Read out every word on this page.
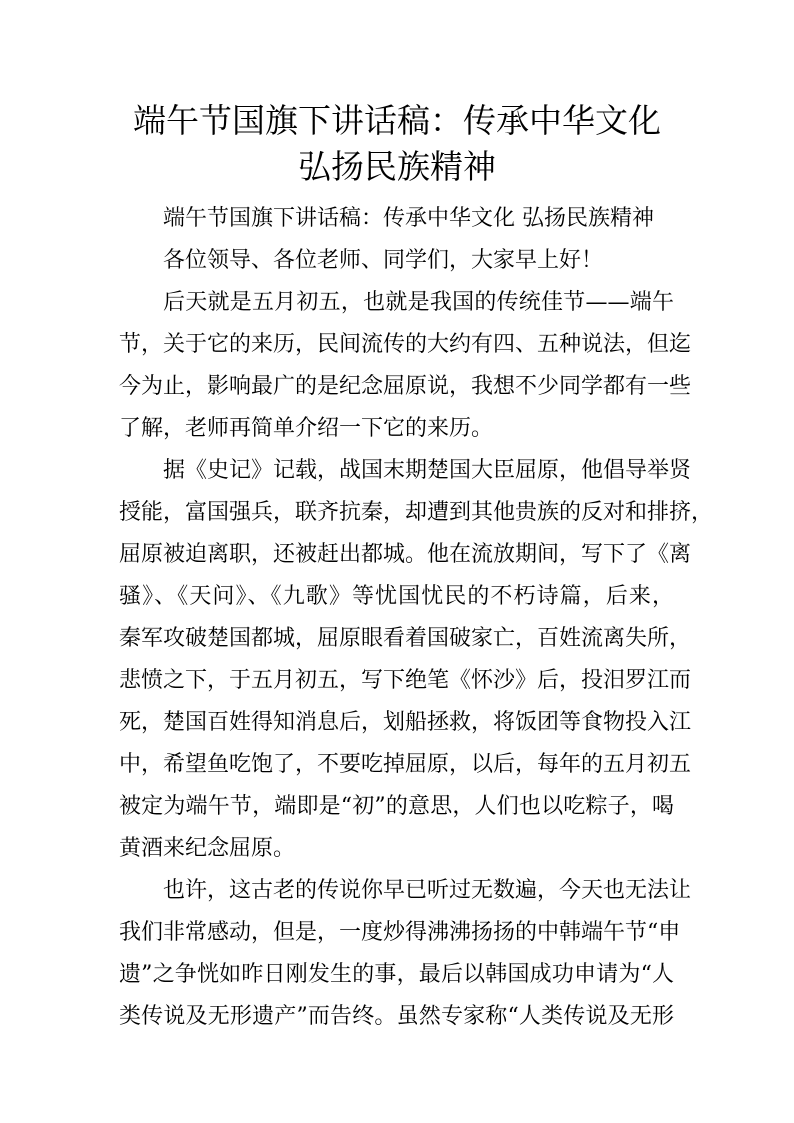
端午节国旗下讲话稿：传承中华文化
弘扬民族精神
端午节国旗下讲话稿：传承中华文化 弘扬民族精神
各位领导、各位老师、同学们，大家早上好！
后天就是五月初五，也就是我国的传统佳节——端午
节，关于它的来历，民间流传的大约有四、五种说法，但迄
今为止，影响最广的是纪念屈原说，我想不少同学都有一些
了解，老师再简单介绍一下它的来历。
据《史记》记载，战国末期楚国大臣屈原，他倡导举贤
授能，富国强兵，联齐抗秦，却遭到其他贵族的反对和排挤，
屈原被迫离职，还被赶出都城。他在流放期间，写下了《离
骚》、《天问》、《九歌》等忧国忧民的不朽诗篇，后来，
秦军攻破楚国都城，屈原眼看着国破家亡，百姓流离失所，
悲愤之下，于五月初五，写下绝笔《怀沙》后，投汨罗江而
死，楚国百姓得知消息后，划船拯救，将饭团等食物投入江
中，希望鱼吃饱了，不要吃掉屈原，以后，每年的五月初五
被定为端午节，端即是“初”的意思，人们也以吃粽子，喝
黄酒来纪念屈原。
也许，这古老的传说你早已听过无数遍，今天也无法让
我们非常感动，但是，一度炒得沸沸扬扬的中韩端午节“申
遗”之争恍如昨日刚发生的事，最后以韩国成功申请为“人
类传说及无形遗产”而告终。虽然专家称“人类传说及无形
